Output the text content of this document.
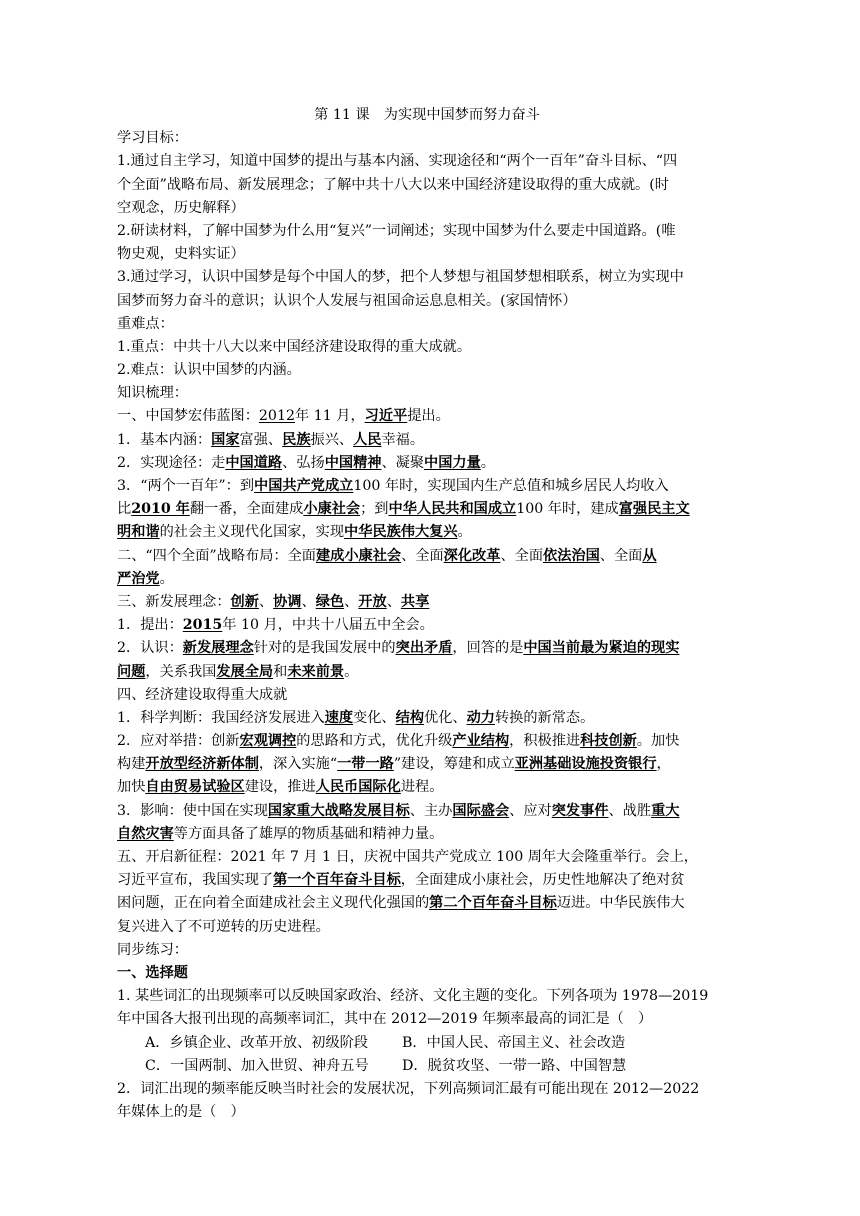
第 11 课　为实现中国梦而努力奋斗
学习目标：
1.通过自主学习，知道中国梦的提出与基本内涵、实现途径和“两个一百年”奋斗目标、“四
个全面”战略布局、新发展理念；了解中共十八大以来中国经济建设取得的重大成就。(时
空观念，历史解释）
2.研读材料，了解中国梦为什么用“复兴”一词阐述；实现中国梦为什么要走中国道路。(唯
物史观，史料实证）
3.通过学习，认识中国梦是每个中国人的梦，把个人梦想与祖国梦想相联系，树立为实现中
国梦而努力奋斗的意识；认识个人发展与祖国命运息息相关。(家国情怀）
重难点：
1.重点：中共十八大以来中国经济建设取得的重大成就。
2.难点：认识中国梦的内涵。
知识梳理：
一、中国梦宏伟蓝图：2012年 11 月，习近平提出。
1．基本内涵：国家富强、民族振兴、人民幸福。
2．实现途径：走中国道路、弘扬中国精神、凝聚中国力量。
3．“两个一百年”：到中国共产党成立100 年时，实现国内生产总值和城乡居民人均收入
比2010 年翻一番，全面建成小康社会；到中华人民共和国成立100 年时，建成富强民主文
明和谐的社会主义现代化国家，实现中华民族伟大复兴。
二、“四个全面”战略布局：全面建成小康社会、全面深化改革、全面依法治国、全面从
严治党。
三、新发展理念：创新、协调、绿色、开放、共享
1．提出：2015年 10 月，中共十八届五中全会。
2．认识：新发展理念针对的是我国发展中的突出矛盾，回答的是中国当前最为紧迫的现实
问题，关系我国发展全局和未来前景。
四、经济建设取得重大成就
1．科学判断：我国经济发展进入速度变化、结构优化、动力转换的新常态。
2．应对举措：创新宏观调控的思路和方式，优化升级产业结构，积极推进科技创新。加快
构建开放型经济新体制，深入实施“一带一路”建设，筹建和成立亚洲基础设施投资银行，
加快自由贸易试验区建设，推进人民币国际化进程。
3．影响：使中国在实现国家重大战略发展目标、主办国际盛会、应对突发事件、战胜重大
自然灾害等方面具备了雄厚的物质基础和精神力量。
五、开启新征程：2021 年 7 月 1 日，庆祝中国共产党成立 100 周年大会隆重举行。会上，
习近平宣布，我国实现了第一个百年奋斗目标，全面建成小康社会，历史性地解决了绝对贫
困问题，正在向着全面建成社会主义现代化强国的第二个百年奋斗目标迈进。中华民族伟大
复兴进入了不可逆转的历史进程。
同步练习：
一、选择题
1. 某些词汇的出现频率可以反映国家政治、经济、文化主题的变化。下列各项为 1978—2019
年中国各大报刊出现的高频率词汇，其中在 2012—2019 年频率最高的词汇是（　）
A．乡镇企业、改革开放、初级阶段 B．中国人民、帝国主义、社会改造
C．一国两制、加入世贸、神舟五号 D．脱贫攻坚、一带一路、中国智慧
2．词汇出现的频率能反映当时社会的发展状况，下列高频词汇最有可能出现在 2012—2022
年媒体上的是（　）
